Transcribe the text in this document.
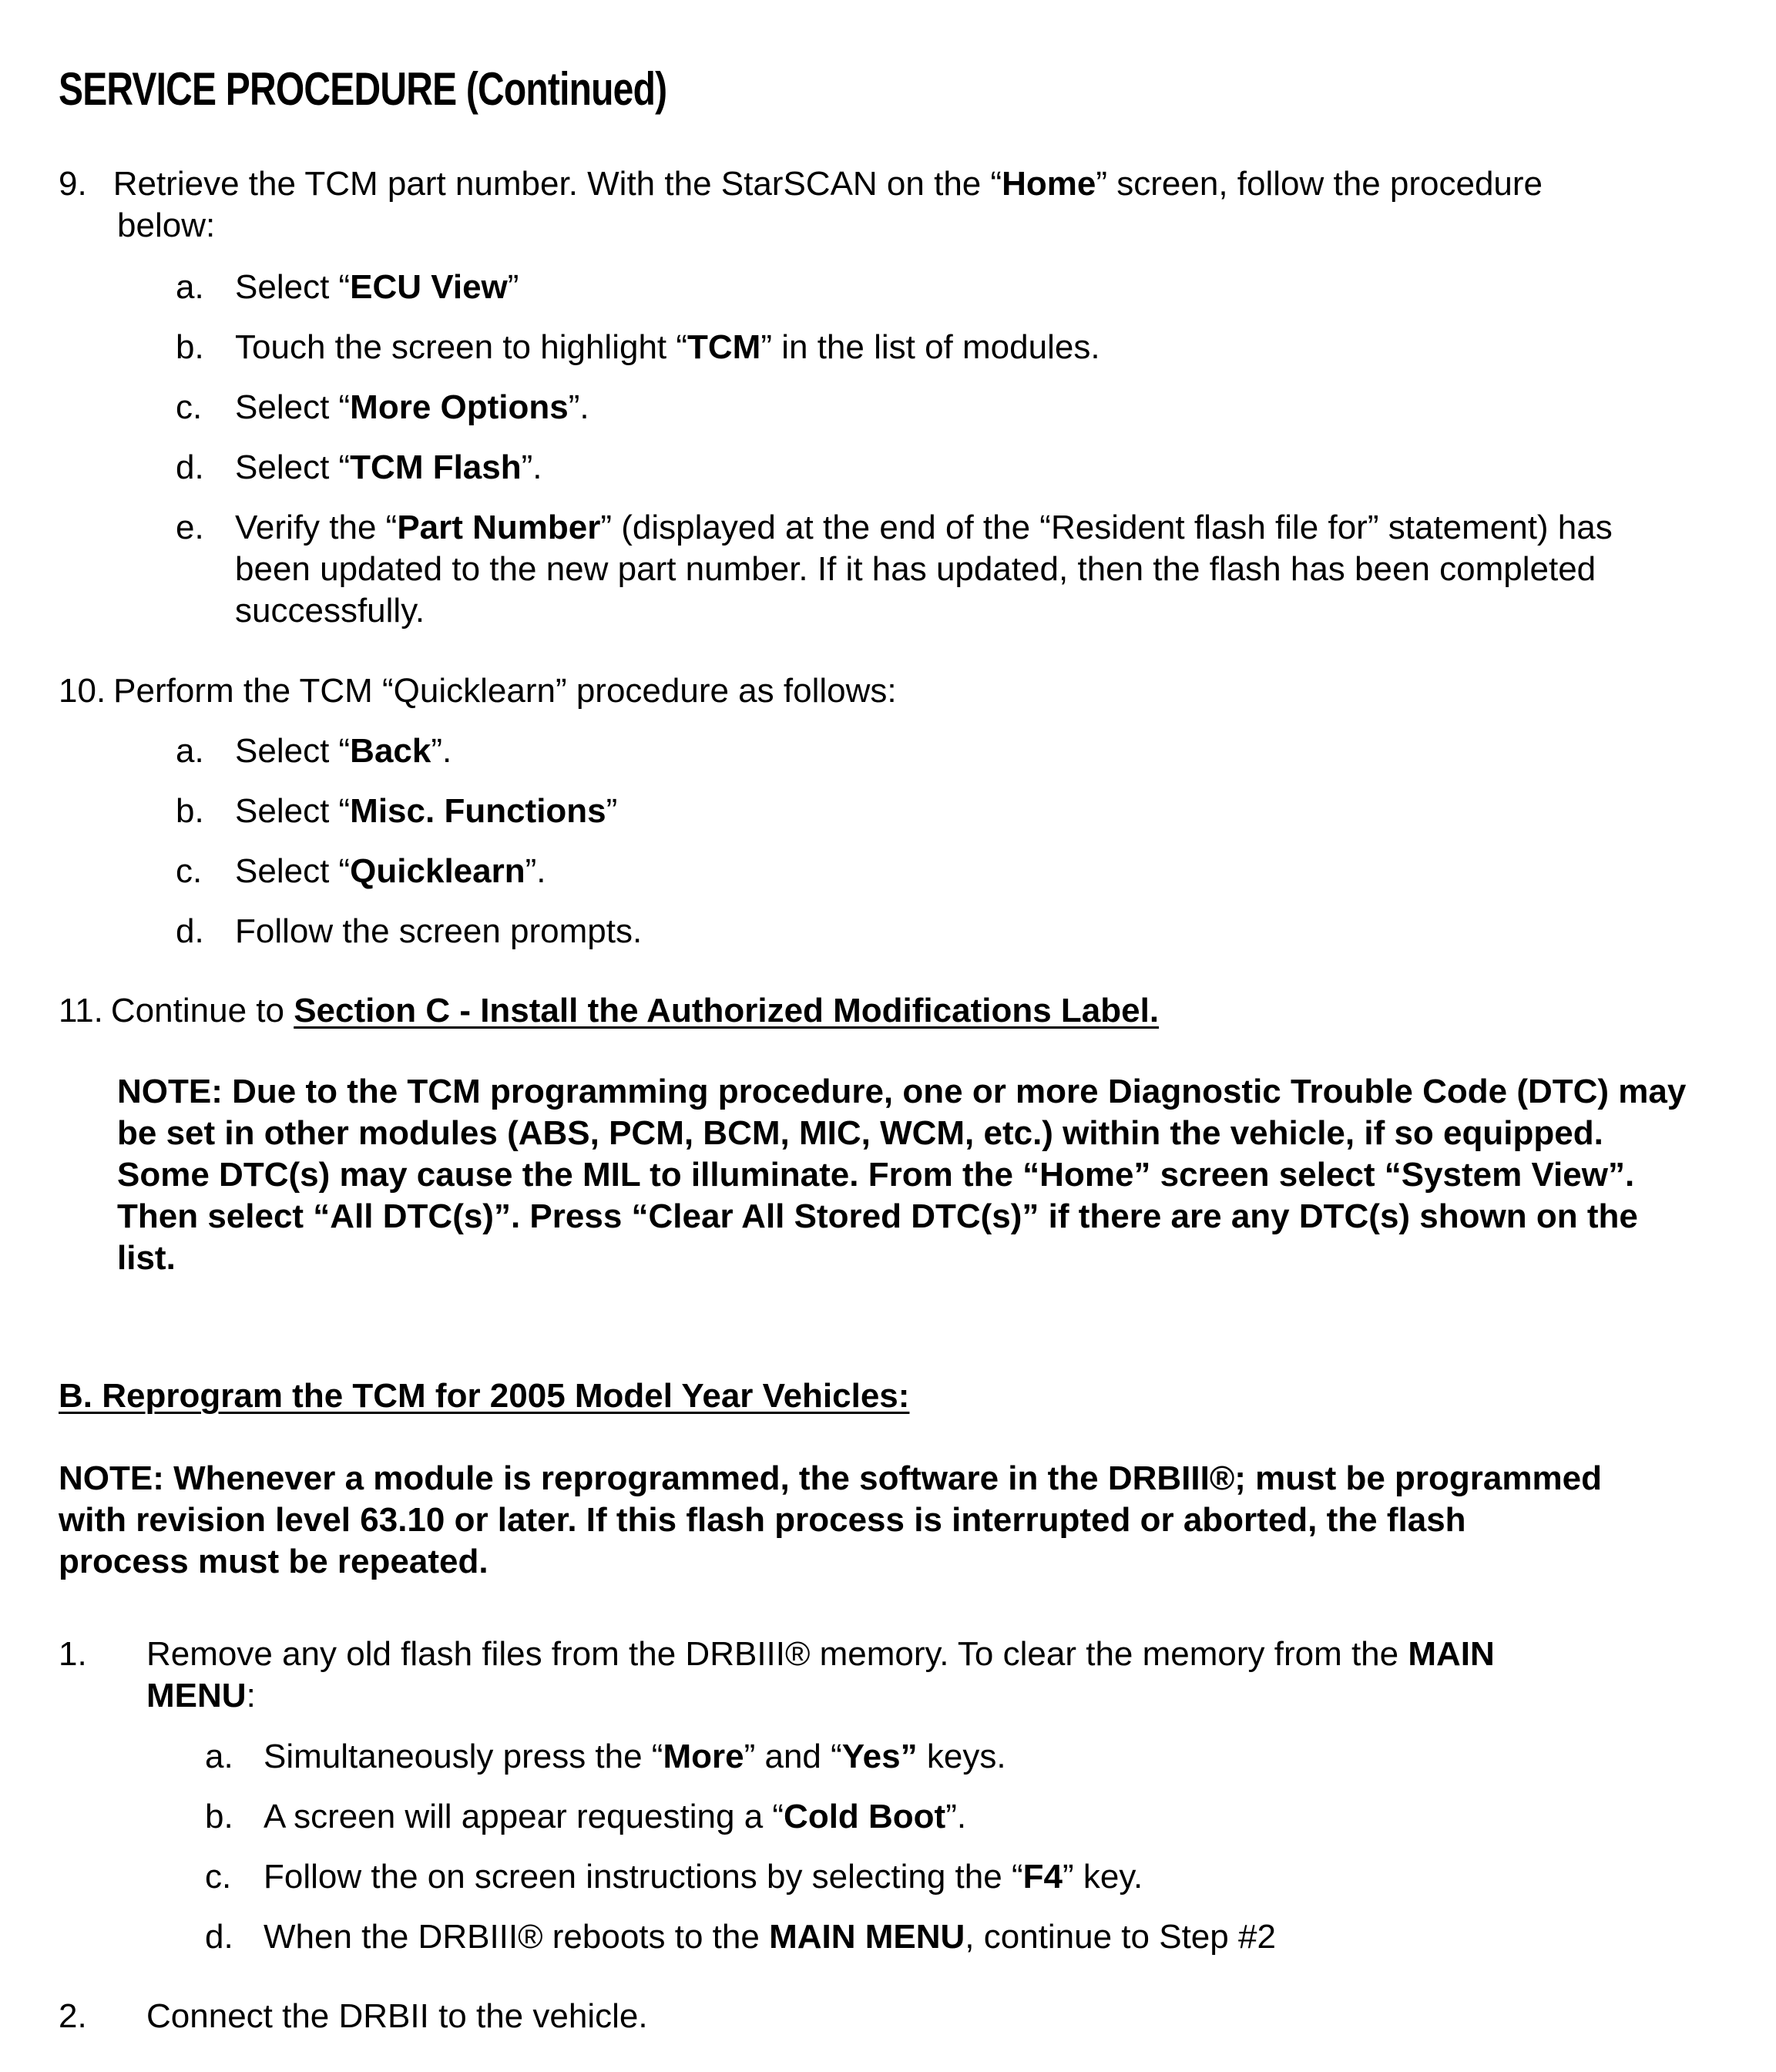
SERVICE PROCEDURE (Continued)
9. Retrieve the TCM part number. With the StarSCAN on the “Home” screen, follow the procedure
below:
a. Select “ECU View”
b. Touch the screen to highlight “TCM” in the list of modules.
c. Select “More Options”.
d. Select “TCM Flash”.
e. Verify the “Part Number” (displayed at the end of the “Resident flash file for” statement) has
been updated to the new part number. If it has updated, then the flash has been completed
successfully.
10. Perform the TCM “Quicklearn” procedure as follows:
a. Select “Back”.
b. Select “Misc. Functions”
c. Select “Quicklearn”.
d. Follow the screen prompts.
11. Continue to Section C - Install the Authorized Modifications Label.
NOTE: Due to the TCM programming procedure, one or more Diagnostic Trouble Code (DTC) may
be set in other modules (ABS, PCM, BCM, MIC, WCM, etc.) within the vehicle, if so equipped.
Some DTC(s) may cause the MIL to illuminate. From the “Home” screen select “System View”.
Then select “All DTC(s)”. Press “Clear All Stored DTC(s)” if there are any DTC(s) shown on the
list.
B. Reprogram the TCM for 2005 Model Year Vehicles:
NOTE: Whenever a module is reprogrammed, the software in the DRBIII®; must be programmed
with revision level 63.10 or later. If this flash process is interrupted or aborted, the flash
process must be repeated.
1. Remove any old flash files from the DRBIII® memory. To clear the memory from the MAIN
MENU:
a. Simultaneously press the “More” and “Yes” keys.
b. A screen will appear requesting a “Cold Boot”.
c. Follow the on screen instructions by selecting the “F4” key.
d. When the DRBIII® reboots to the MAIN MENU, continue to Step #2
2. Connect the DRBII to the vehicle.
